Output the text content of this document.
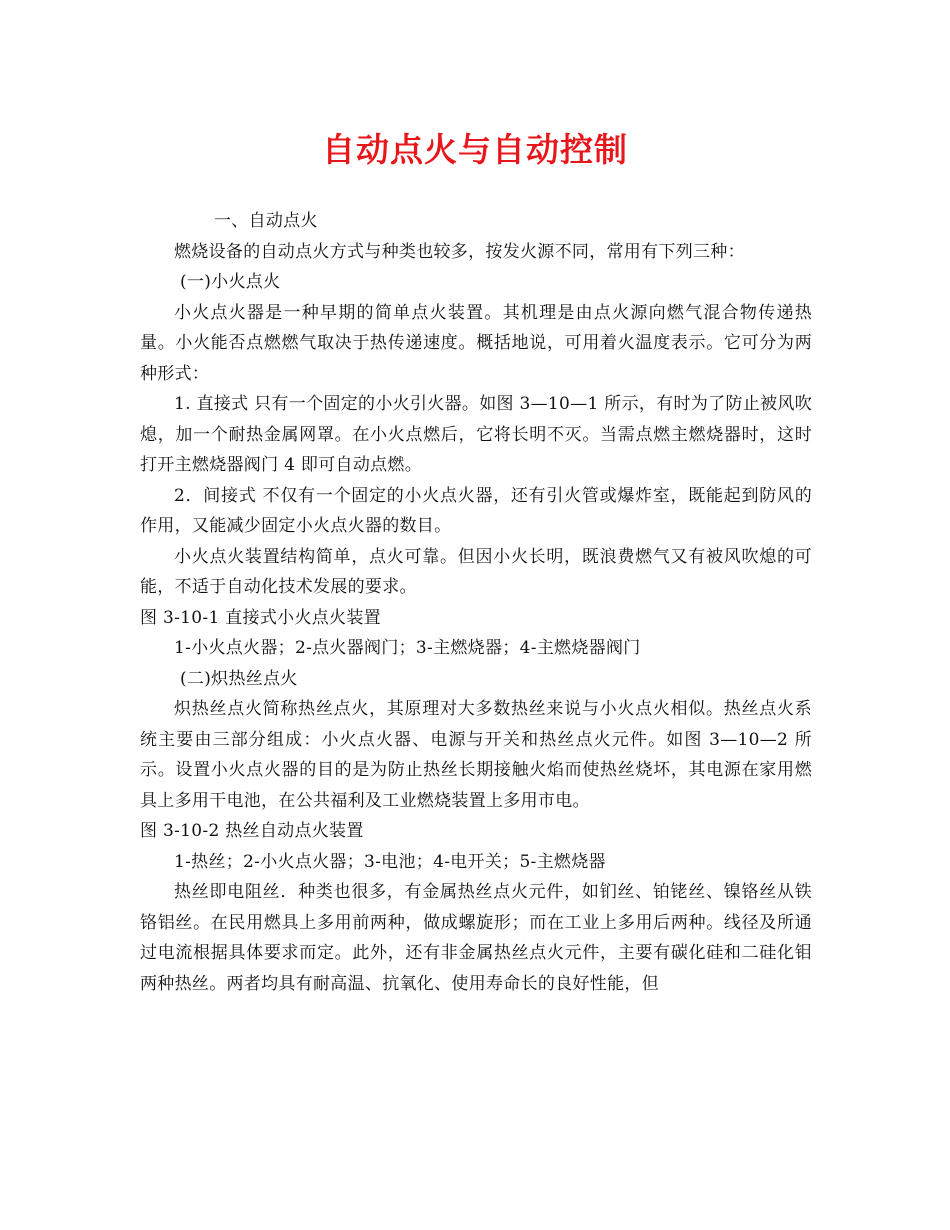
自动点火与自动控制

一、自动点火

燃烧设备的自动点火方式与种类也较多，按发火源不同，常用有下列三种：

(一)小火点火

小火点火器是一种早期的简单点火装置。其机理是由点火源向燃气混合物传递热量。小火能否点燃燃气取决于热传递速度。概括地说，可用着火温度表示。它可分为两种形式：

1. 直接式 只有一个固定的小火引火器。如图 3—10—1 所示，有时为了防止被风吹熄，加一个耐热金属网罩。在小火点燃后，它将长明不灭。当需点燃主燃烧器时，这时打开主燃烧器阀门 4 即可自动点燃。

2．间接式 不仅有一个固定的小火点火器，还有引火管或爆炸室，既能起到防风的作用，又能减少固定小火点火器的数目。

小火点火装置结构简单，点火可靠。但因小火长明，既浪费燃气又有被风吹熄的可能，不适于自动化技术发展的要求。

图 3-10-1 直接式小火点火装置

1-小火点火器；2-点火器阀门；3-主燃烧器；4-主燃烧器阀门

(二)炽热丝点火

炽热丝点火简称热丝点火，其原理对大多数热丝来说与小火点火相似。热丝点火系统主要由三部分组成：小火点火器、电源与开关和热丝点火元件。如图 3—10—2 所示。设置小火点火器的目的是为防止热丝长期接触火焰而使热丝烧坏，其电源在家用燃具上多用干电池，在公共福利及工业燃烧装置上多用市电。

图 3-10-2 热丝自动点火装置

1-热丝；2-小火点火器；3-电池；4-电开关；5-主燃烧器

热丝即电阻丝．种类也很多，有金属热丝点火元件，如钔丝、铂铑丝、镍铬丝从铁铬铝丝。在民用燃具上多用前两种，做成螺旋形；而在工业上多用后两种。线径及所通过电流根据具体要求而定。此外，还有非金属热丝点火元件，主要有碳化硅和二硅化钼两种热丝。两者均具有耐高温、抗氧化、使用寿命长的良好性能，但
